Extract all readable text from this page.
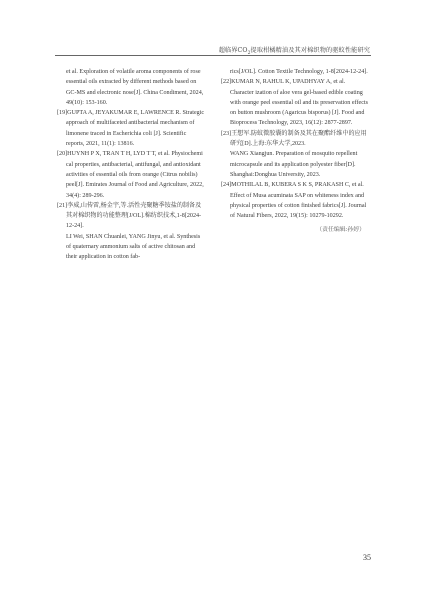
超临界$CO_2$提取柑橘精油及其对棉织物的驱蚊性能研究
et al. Exploration of volatile aroma components of rose essential oils extracted by different methods based on GC-MS and electronic nose[J]. China Condiment, 2024, 49(10): 153-160.
[19]GUPTA A, JEYAKUMAR E, LAWRENCE R. Strategic approach of multifaceted antibacterial mechanism of limonene traced in Escherichia coli [J]. Scientific reports, 2021, 11(1): 13816.
[20]HUYNH P X, TRAN T H, LYD T T, et al. Physiochemi cal properties, antibacterial, antifungal, and antioxidant activities of essential oils from orange (Citrus nobilis) peel[J]. Emirates Journal of Food and Agriculture, 2022, 34(4): 289-296.
[21]李威,山传雷,杨金宇,等.活性壳聚糖季铵盐的制备及其对棉织物的功能整理[J/OL].棉纺织技术,1-8[2024-12-24].
LI Wei, SHAN Chuanlei, YANG Jinyu, et al. Synthesis of quaternary ammonium salts of active chitosan and their application in cotton fab-
rics[J/OL]. Cotton Textile Technology, 1-8[2024-12-24].
[22]KUMAR N, RAHUL K, UPADHYAY A, et al. Character ization of aloe vera gel-based edible coating with orange peel essential oil and its preservation effects on button mushroom (Agaricus bisporus) [J]. Food and Bioprocess Technology, 2023, 16(12): 2877-2897.
[23]王想军.防蚊微胶囊的制备及其在聚酯纤维中的应用研究[D].上海:东华大学,2023.
WANG Xiangjun. Preparation of mosquito repellent microcapsule and its application polyester fiber[D]. Shanghai:Donghua University, 2023.
[24]MOTHILAL B, KUBERA S K S, PRAKASH C, et al. Effect of Musa acuminata SAP on whiteness index and physical properties of cotton finished fabrics[J]. Journal of Natural Fibers, 2022, 19(15): 10279-10292.
（责任编辑:孙婷）
35
